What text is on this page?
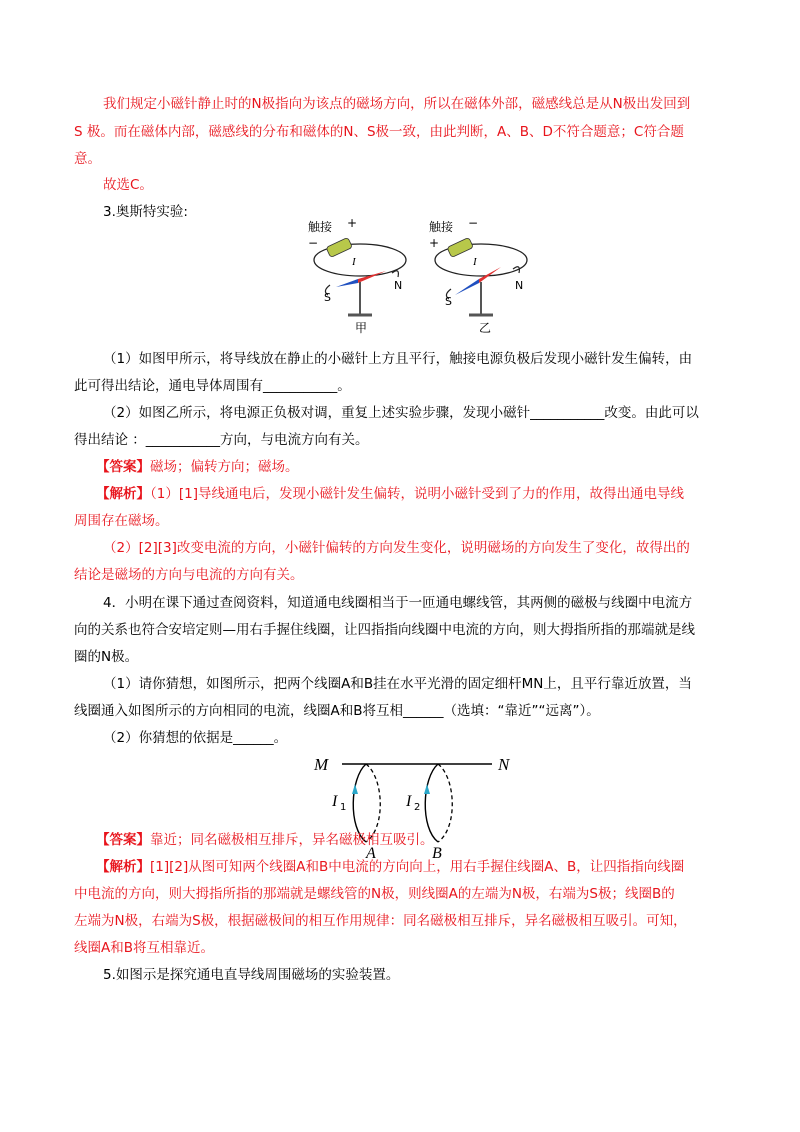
我们规定小磁针静止时的N极指向为该点的磁场方向，所以在磁体外部，磁感线总是从N极出发回到
S 极。而在磁体内部，磁感线的分布和磁体的N、S极一致，由此判断，A、B、D不符合题意；C符合题
意。
故选C。
3.奥斯特实验:
触接 +
−
I
S
N
甲
触接 −
+
I
S
N
乙
（1）如图甲所示，将导线放在静止的小磁针上方且平行，触接电源负极后发现小磁针发生偏转，由
此可得出结论，通电导体周围有___________。
（2）如图乙所示，将电源正负极对调，重复上述实验步骤，发现小磁针___________改变。由此可以
得出结论 ：___________方向，与电流方向有关。
【答案】磁场；偏转方向；磁场。
【解析】（1）[1]导线通电后，发现小磁针发生偏转，说明小磁针受到了力的作用，故得出通电导线
周围存在磁场。
（2）[2][3]改变电流的方向，小磁针偏转的方向发生变化，说明磁场的方向发生了变化，故得出的
结论是磁场的方向与电流的方向有关。
4．小明在课下通过查阅资料，知道通电线圈相当于一匝通电螺线管，其两侧的磁极与线圈中电流方
向的关系也符合安培定则—用右手握住线圈，让四指指向线圈中电流的方向，则大拇指所指的那端就是线
圈的N极。
（1）请你猜想，如图所示，把两个线圈A和B挂在水平光滑的固定细杆MN上，且平行靠近放置，当
线圈通入如图所示的方向相同的电流，线圈A和B将互相______（选填：“靠近”“远离”）。
（2）你猜想的依据是______。
M	N
I 1
A
I 2
B
【答案】靠近；同名磁极相互排斥，异名磁极相互吸引。
【解析】[1][2]从图可知两个线圈A和B中电流的方向向上，用右手握住线圈A、B，让四指指向线圈
中电流的方向，则大拇指所指的那端就是螺线管的N极，则线圈A的左端为N极，右端为S极；线圈B的
左端为N极，右端为S极，根据磁极间的相互作用规律：同名磁极相互排斥，异名磁极相互吸引。可知，
线圈A和B将互相靠近。
5.如图示是探究通电直导线周围磁场的实验装置。
